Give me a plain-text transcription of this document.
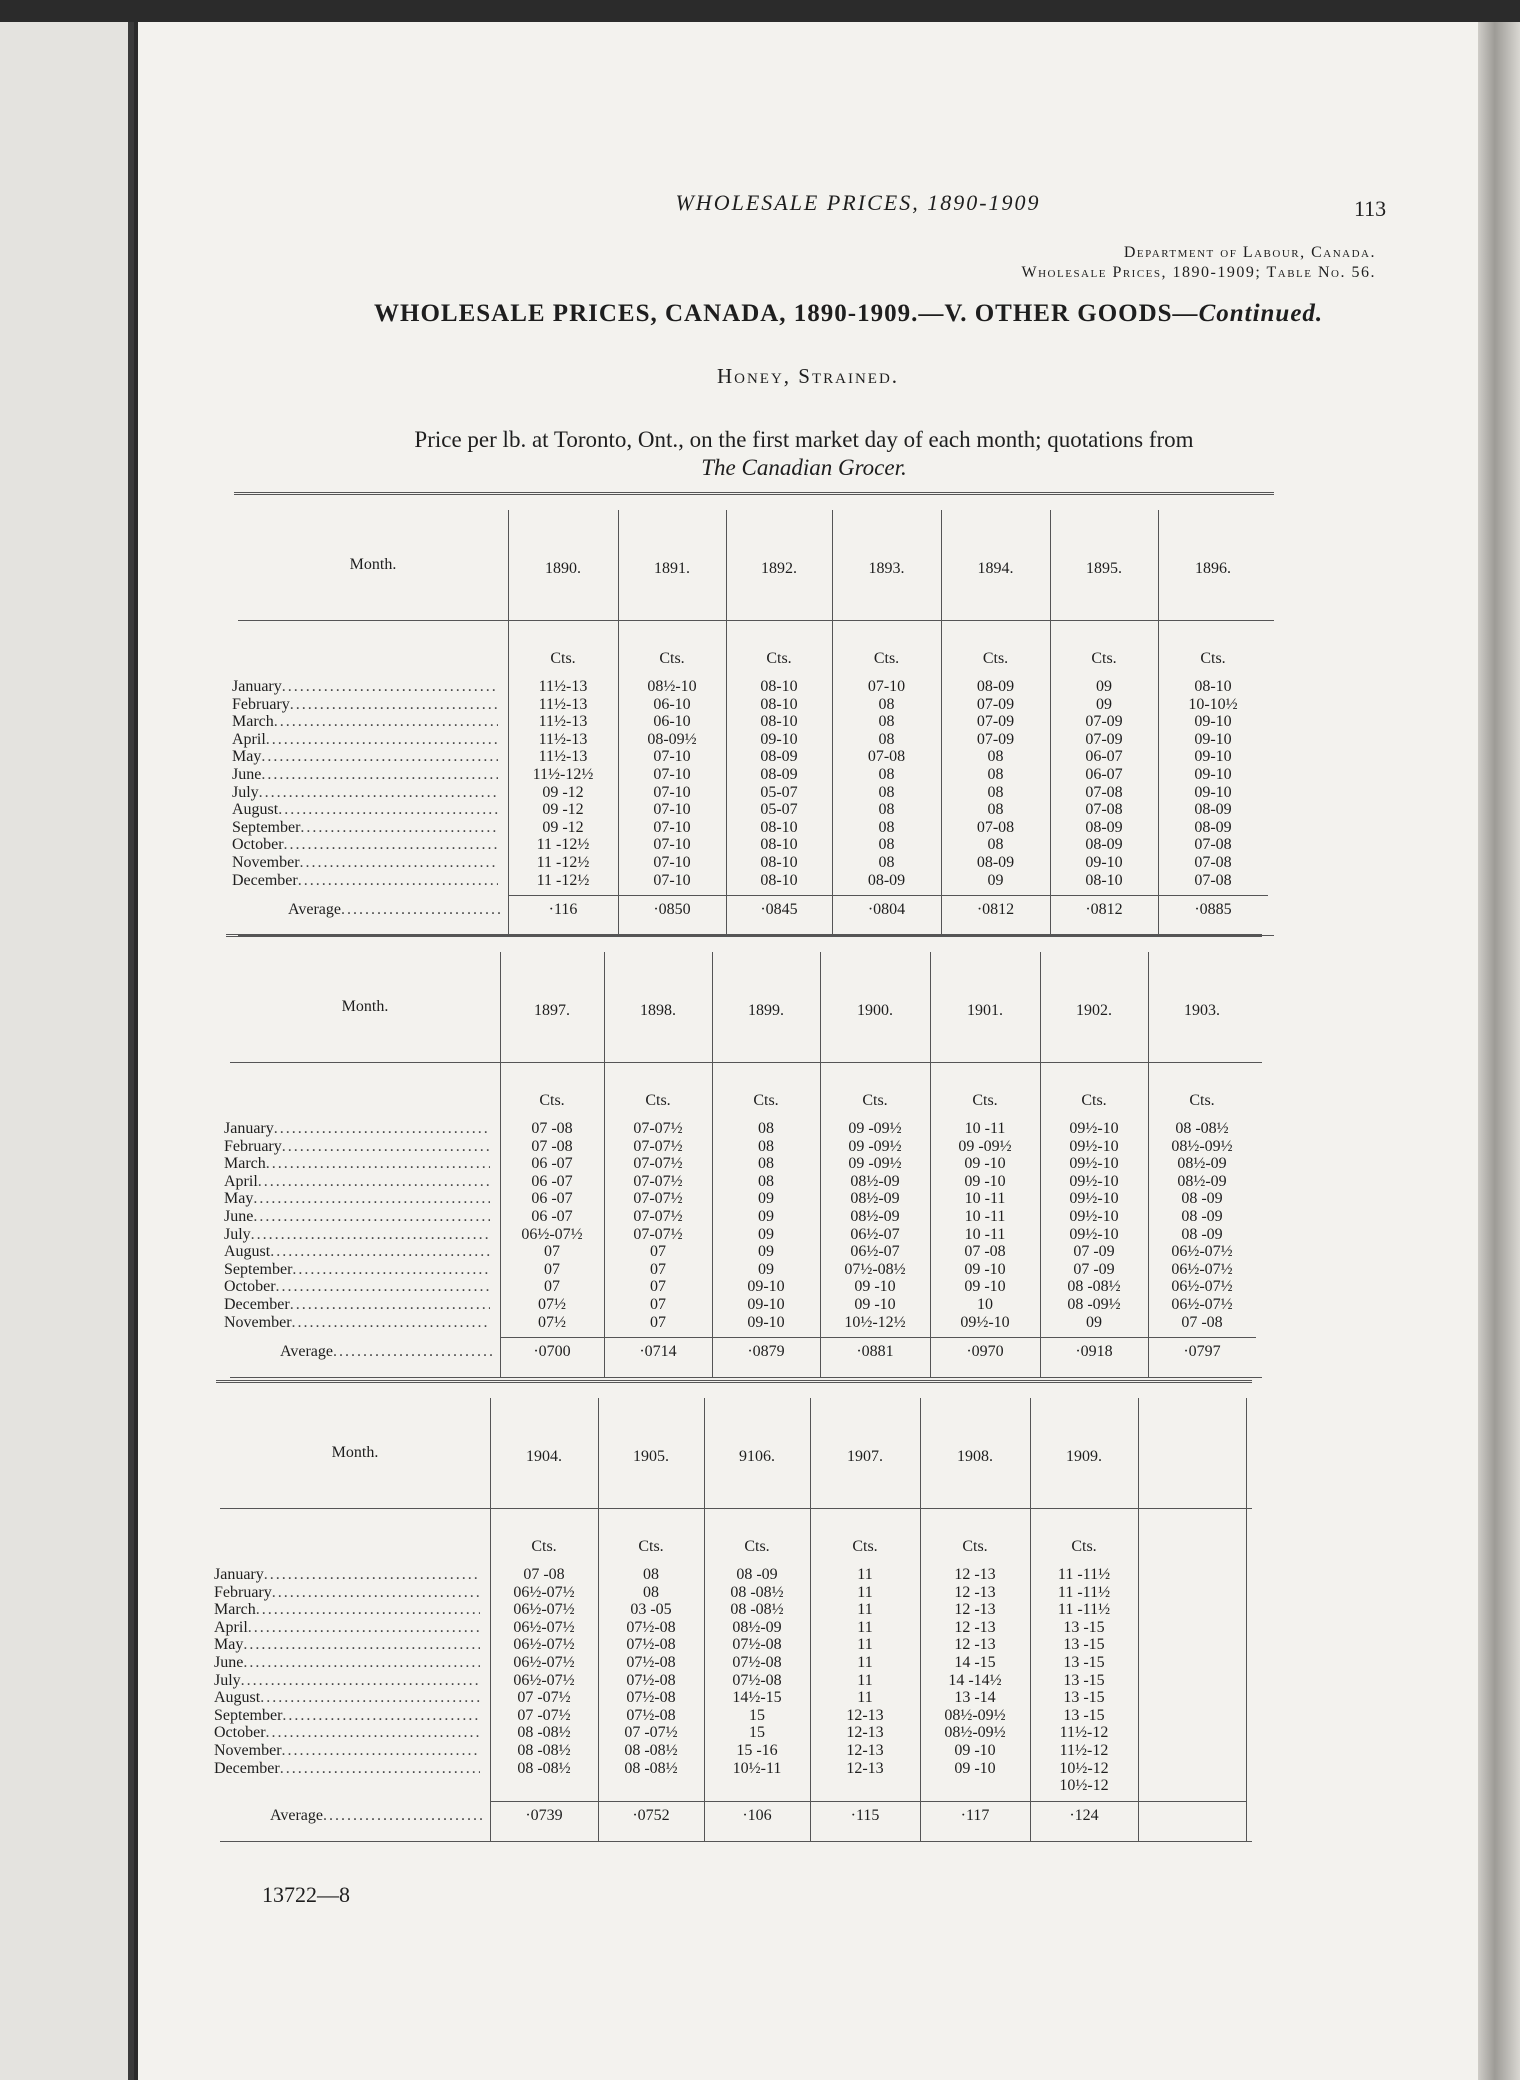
WHOLESALE PRICES, 1890-1909	113
Department of Labour, Canada.
Wholesale Prices, 1890-1909; Table No. 56.
WHOLESALE PRICES, CANADA, 1890-1909.—V. OTHER GOODS—Continued.
Honey, Strained.
Price per lb. at Toronto, Ont., on the first market day of each month; quotations from
The Canadian Grocer.
Month.
January .....
February .....
March .....
April .....
May .....
June .....
July .....
August .....
September .....
October .....
November .....
December .....
Average .....
1890.
Cts.
11½-13
11½-13
11½-13
11½-13
11½-13
11½-12½
09 -12
09 -12
09 -12
11 -12½
11 -12½
11 -12½
·116
1891.
Cts.
08½-10
06-10
06-10
08-09½
07-10
07-10
07-10
07-10
07-10
07-10
07-10
07-10
·0850
1892.
Cts.
08-10
08-10
08-10
09-10
08-09
08-09
05-07
05-07
08-10
08-10
08-10
08-10
·0845
1893.
Cts.
07-10
08
08
08
07-08
08
08
08
08
08
08
08-09
·0804
1894.
Cts.
08-09
07-09
07-09
07-09
08
08
08
08
07-08
08
08-09
09
·0812
1895.
Cts.
09
09
07-09
07-09
06-07
06-07
07-08
07-08
08-09
08-09
09-10
08-10
·0812
1896.
Cts.
08-10
10-10½
09-10
09-10
09-10
09-10
09-10
08-09
08-09
07-08
07-08
07-08
·0885
Month.
January .....
February .....
March .....
April .....
May .....
June .....
July .....
August .....
September .....
October .....
December .....
November .....
Average .....
1897.
Cts.
07 -08
07 -08
06 -07
06 -07
06 -07
06 -07
06½-07½
07
07
07
07½
07½
·0700
1898.
Cts.
07-07½
07-07½
07-07½
07-07½
07-07½
07-07½
07-07½
07
07
07
07
07
·0714
1899.
Cts.
08
08
08
08
09
09
09
09
09
09-10
09-10
09-10
·0879
1900.
Cts.
09 -09½
09 -09½
09 -09½
08½-09
08½-09
08½-09
06½-07
06½-07
07½-08½
09 -10
09 -10
10½-12½
·0881
1901.
Cts.
10 -11
09 -09½
09 -10
09 -10
10 -11
10 -11
10 -11
07 -08
09 -10
09 -10
10
09½-10
·0970
1902.
Cts.
09½-10
09½-10
09½-10
09½-10
09½-10
09½-10
09½-10
07 -09
07 -09
08 -08½
08 -09½
09
·0918
1903.
Cts.
08 -08½
08½-09½
08½-09
08½-09
08 -09
08 -09
08 -09
06½-07½
06½-07½
06½-07½
06½-07½
07 -08
·0797
Month.
January .....
February .....
March .....
April .....
May .....
June .....
July .....
August .....
September .....
October .....
November .....
December .....
Average .....
1904.
Cts.
07 -08
06½-07½
06½-07½
06½-07½
06½-07½
06½-07½
06½-07½
07 -07½
07 -07½
08 -08½
08 -08½
08 -08½
·0739
1905.
Cts.
08
08
03 -05
07½-08
07½-08
07½-08
07½-08
07½-08
07½-08
07 -07½
08 -08½
08 -08½
·0752
9106.
Cts.
08 -09
08 -08½
08 -08½
08½-09
07½-08
07½-08
07½-08
14½-15
15
15
15 -16
10½-11
·106
1907.
Cts.
11
11
11
11
11
11
11
11
12-13
12-13
12-13
12-13
·115
1908.
Cts.
12 -13
12 -13
12 -13
12 -13
12 -13
14 -15
14 -14½
13 -14
08½-09½
08½-09½
09 -10
09 -10
·117
1909.
Cts.
11 -11½
11 -11½
11 -11½
13 -15
13 -15
13 -15
13 -15
13 -15
13 -15
11½-12
11½-12
10½-12
10½-12
·124
13722—8
